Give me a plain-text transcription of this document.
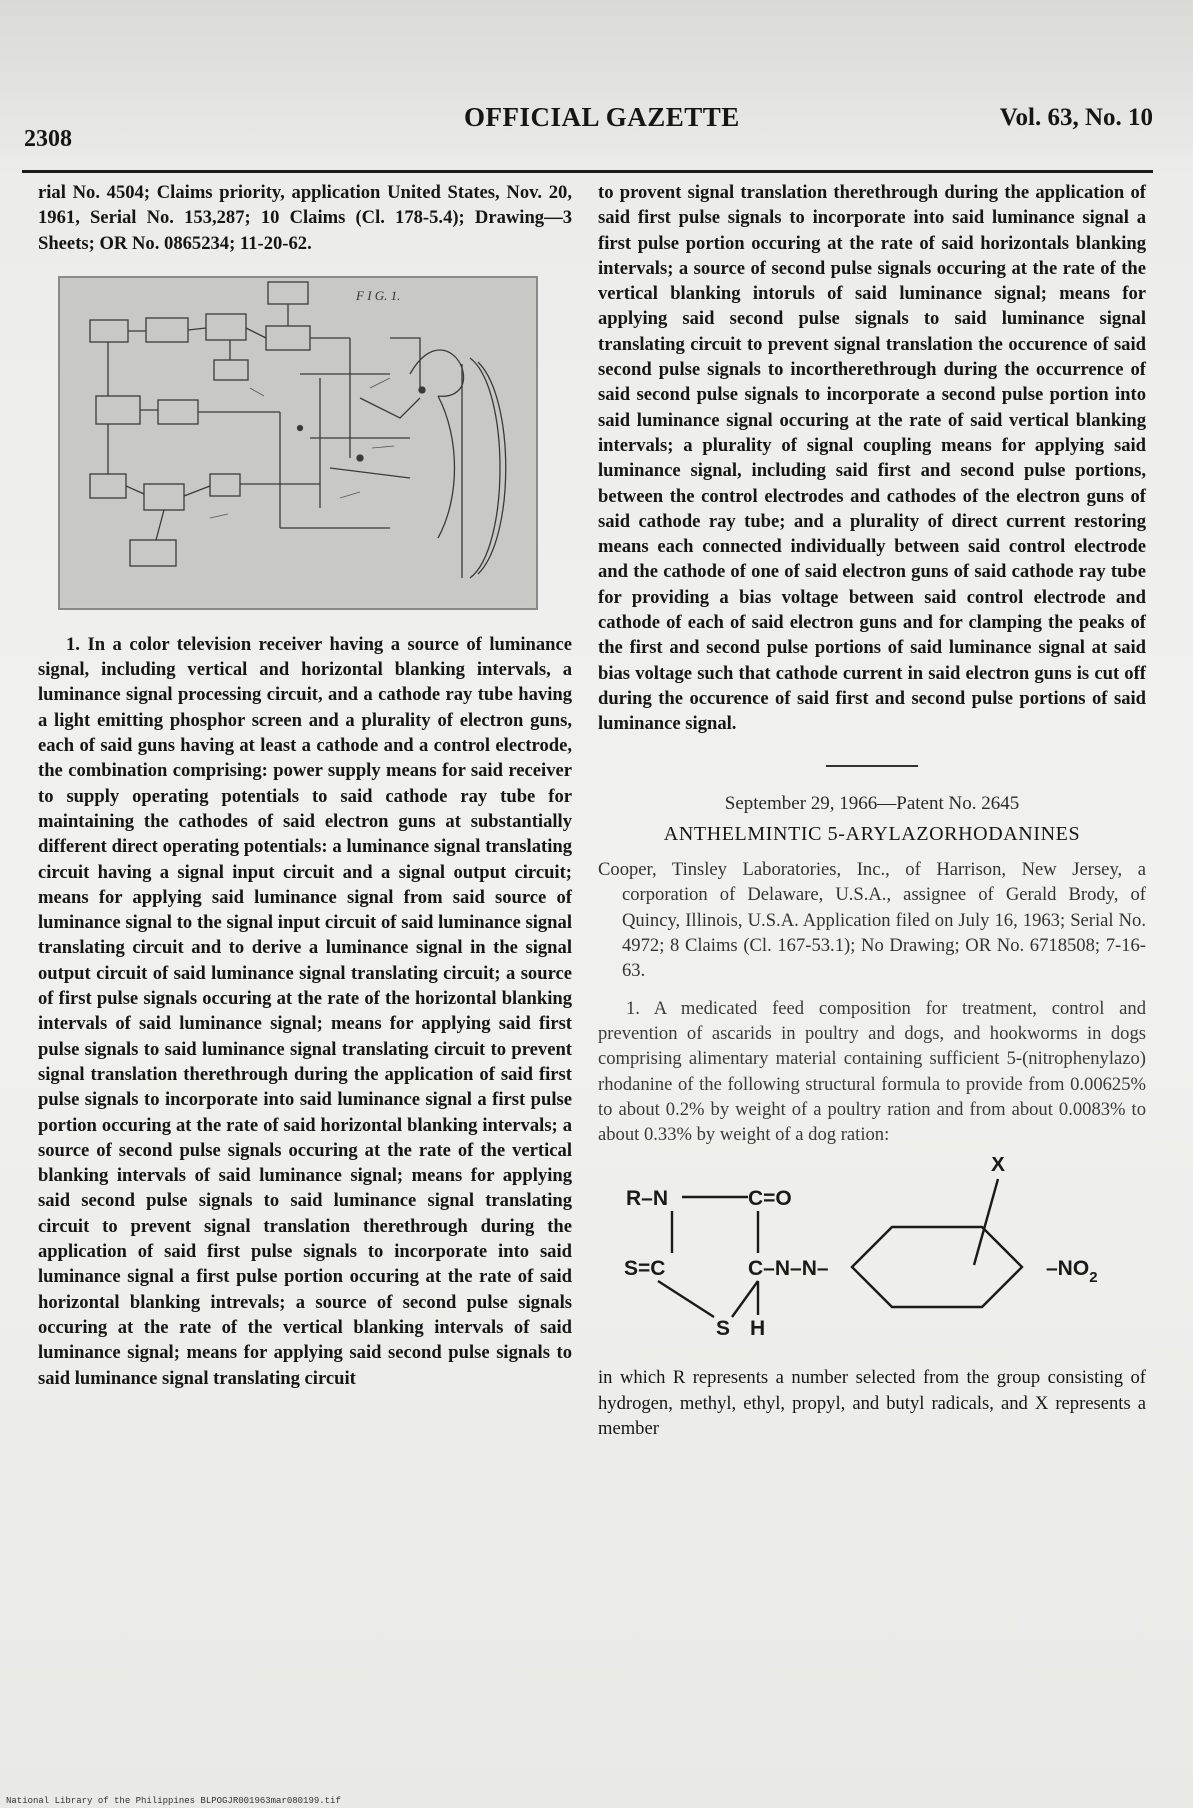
2308
OFFICIAL GAZETTE	Vol. 63, No. 10

rial No. 4504; Claims priority, application United States, Nov. 20, 1961, Serial No. 153,287; 10 Claims (Cl. 178-5.4); Drawing—3 Sheets; OR No. 0865234; 11-20-62.

F I G. 1.

1. In a color television receiver having a source of luminance signal, including vertical and horizontal blanking intervals, a luminance signal processing circuit, and a cathode ray tube having a light emitting phosphor screen and a plurality of electron guns, each of said guns having at least a cathode and a control electrode, the combination comprising: power supply means for said receiver to supply operating potentials to said cathode ray tube for maintaining the cathodes of said electron guns at substantially different direct operating potentials: a luminance signal translating circuit having a signal input circuit and a signal output circuit; means for applying said luminance signal from said source of luminance signal to the signal input circuit of said luminance signal translating circuit and to derive a luminance signal in the signal output circuit of said luminance signal translating circuit; a source of first pulse signals occuring at the rate of the horizontal blanking intervals of said luminance signal; means for applying said first pulse signals to said luminance signal translating circuit to prevent signal translation therethrough during the application of said first pulse signals to incorporate into said luminance signal a first pulse portion occuring at the rate of said horizontal blanking intervals; a source of second pulse signals occuring at the rate of the vertical blanking intervals of said luminance signal; means for applying said second pulse signals to said luminance signal translating circuit to prevent signal translation therethrough during the application of said first pulse signals to incorporate into said luminance signal a first pulse portion occuring at the rate of said horizontal blanking intrevals; a source of second pulse signals occuring at the rate of the vertical blanking intervals of said luminance signal; means for applying said second pulse signals to said luminance signal translating circuit

to provent signal translation therethrough during the application of said first pulse signals to incorporate into said luminance signal a first pulse portion occuring at the rate of said horizontals blanking intervals; a source of second pulse signals occuring at the rate of the vertical blanking intoruls of said luminance signal; means for applying said second pulse signals to said luminance signal translating circuit to prevent signal translation the occurence of said second pulse signals to incortherethrough during the occurrence of said second pulse signals to incorporate a second pulse portion into said luminance signal occuring at the rate of said vertical blanking intervals; a plurality of signal coupling means for applying said luminance signal, including said first and second pulse portions, between the control electrodes and cathodes of the electron guns of said cathode ray tube; and a plurality of direct current restoring means each connected individually between said control electrode and the cathode of one of said electron guns of said cathode ray tube for providing a bias voltage between said control electrode and cathode of each of said electron guns and for clamping the peaks of the first and second pulse portions of said luminance signal at said bias voltage such that cathode current in said electron guns is cut off during the occurence of said first and second pulse portions of said luminance signal.

September 29, 1966—Patent No. 2645

ANTHELMINTIC 5-ARYLAZORHODANINES

Cooper, Tinsley Laboratories, Inc., of Harrison, New Jersey, a corporation of Delaware, U.S.A., assignee of Gerald Brody, of Quincy, Illinois, U.S.A. Application filed on July 16, 1963; Serial No. 4972; 8 Claims (Cl. 167-53.1); No Drawing; OR No. 6718508; 7-16-63.

1. A medicated feed composition for treatment, control and prevention of ascarids in poultry and dogs, and hookworms in dogs comprising alimentary material containing sufficient 5-(nitrophenylazo) rhodanine of the following structural formula to provide from 0.00625% to about 0.2% by weight of a poultry ration and from about 0.0083% to about 0.33% by weight of a dog ration:

R–N	C=O
S=C	C–N–N–
S H
X
$-NO_2$

in which R represents a number selected from the group consisting of hydrogen, methyl, ethyl, propyl, and butyl radicals, and X represents a member

National Library of the Philippines BLPOGJR001963mar080199.tif
